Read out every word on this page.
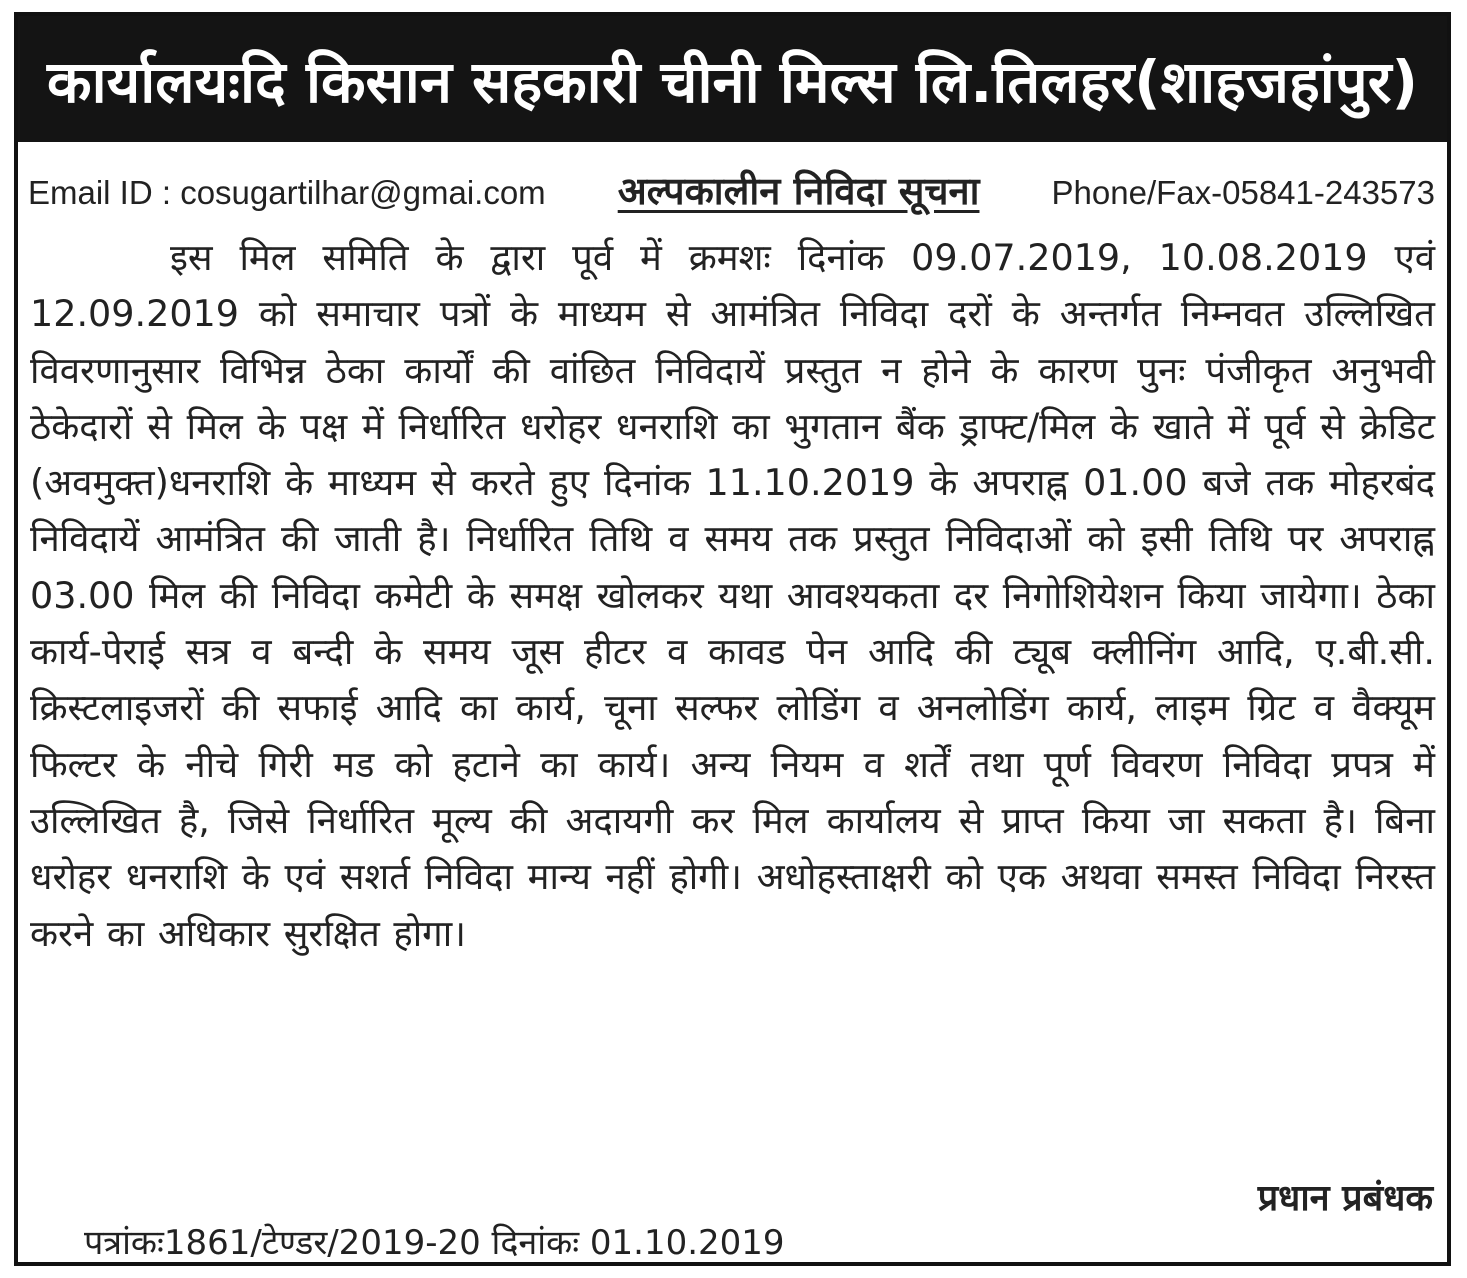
कार्यालयःदि किसान सहकारी चीनी मिल्स लि.तिलहर(शाहजहांपुर)
Email ID : cosugartilhar@gmai.com अल्पकालीन निविदा सूचना Phone/Fax-05841-243573

इस मिल समिति के द्वारा पूर्व में क्रमशः दिनांक 09.07.2019, 10.08.2019 एवं 12.09.2019 को समाचार पत्रों के माध्यम से आमंत्रित निविदा दरों के अन्तर्गत निम्नवत उल्लिखित विवरणानुसार विभिन्न ठेका कार्यों की वांछित निविदायें प्रस्तुत न होने के कारण पुनः पंजीकृत अनुभवी ठेकेदारों से मिल के पक्ष में निर्धारित धरोहर धनराशि का भुगतान बैंक ड्राफ्ट/मिल के खाते में पूर्व से क्रेडिट (अवमुक्त)धनराशि के माध्यम से करते हुए दिनांक 11.10.2019 के अपराह्न 01.00 बजे तक मोहरबंद निविदायें आमंत्रित की जाती है। निर्धारित तिथि व समय तक प्रस्तुत निविदाओं को इसी तिथि पर अपराह्न 03.00 मिल की निविदा कमेटी के समक्ष खोलकर यथा आवश्यकता दर निगोशियेशन किया जायेगा। ठेका कार्य-पेराई सत्र व बन्दी के समय जूस हीटर व कावड पेन आदि की ट्यूब क्लीनिंग आदि, ए.बी.सी. क्रिस्टलाइजरों की सफाई आदि का कार्य, चूना सल्फर लोडिंग व अनलोडिंग कार्य, लाइम ग्रिट व वैक्यूम फिल्टर के नीचे गिरी मड को हटाने का कार्य। अन्य नियम व शर्तें तथा पूर्ण विवरण निविदा प्रपत्र में उल्लिखित है, जिसे निर्धारित मूल्य की अदायगी कर मिल कार्यालय से प्राप्त किया जा सकता है। बिना धरोहर धनराशि के एवं सशर्त निविदा मान्य नहीं होगी। अधोहस्ताक्षरी को एक अथवा समस्त निविदा निरस्त करने का अधिकार सुरक्षित होगा।

प्रधान प्रबंधक
पत्रांकः1861/टेण्डर/2019-20 दिनांकः 01.10.2019
